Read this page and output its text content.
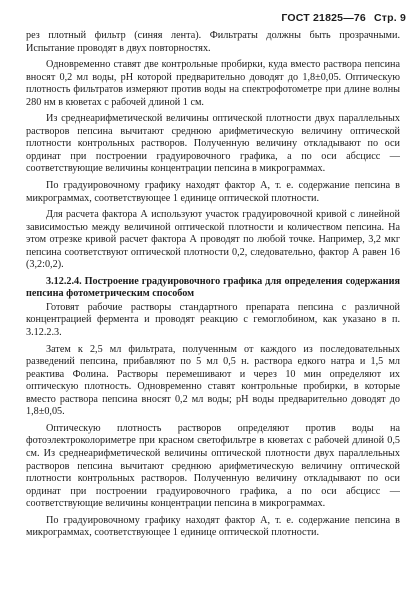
ГОСТ 21825—76 Стр. 9

рез плотный фильтр (синяя лента). Фильтраты должны быть прозрачными. Испытание проводят в двух повторностях.

Одновременно ставят две контрольные пробирки, куда вместо раствора пепсина вносят 0,2 мл воды, pH которой предварительно доводят до 1,8±0,05. Оптическую плотность фильтратов измеряют против воды на спектрофотометре при длине волны 280 нм в кюветах с рабочей длиной 1 см.

Из среднеарифметической величины оптической плотности двух параллельных растворов пепсина вычитают среднюю арифметическую величину оптической плотности контрольных растворов. Полученную величину откладывают по оси ординат при построении градуировочного графика, а по оси абсцисс — соответствующие величины концентрации пепсина в микрограммах.

По градуировочному графику находят фактор А, т. е. содержание пепсина в микрограммах, соответствующее 1 единице оптической плотности.

Для расчета фактора А используют участок градуировочной кривой с линейной зависимостью между величиной оптической плотности и количеством пепсина. На этом отрезке кривой расчет фактора А проводят по любой точке. Например, 3,2 мкг пепсина соответствуют оптической плотности 0,2, следовательно, фактор А равен 16 (3,2:0,2).

3.12.2.4. Построение градуировочного графика для определения содержания пепсина фотометрическим способом

Готовят рабочие растворы стандартного препарата пепсина с различной концентрацией фермента и проводят реакцию с гемоглобином, как указано в п. 3.12.2.3.

Затем к 2,5 мл фильтрата, полученным от каждого из последовательных разведений пепсина, прибавляют по 5 мл 0,5 н. раствора едкого натра и 1,5 мл реактива Фолина. Растворы перемешивают и через 10 мин определяют их оптическую плотность. Одновременно ставят контрольные пробирки, в которые вместо раствора пепсина вносят 0,2 мл воды; pH воды предварительно доводят до 1,8±0,05.

Оптическую плотность растворов определяют против воды на фотоэлектроколориметре при красном светофильтре в кюветах с рабочей длиной 0,5 см. Из среднеарифметической величины оптической плотности двух параллельных растворов пепсина вычитают среднюю арифметическую величину оптической плотности контрольных растворов. Полученную величину откладывают по оси ординат при построении градуировочного графика, а по оси абсцисс — соответствующие величины концентрации пепсина в микрограммах.

По градуировочному графику находят фактор А, т. е. содержание пепсина в микрограммах, соответствующее 1 единице оптической плотности.
